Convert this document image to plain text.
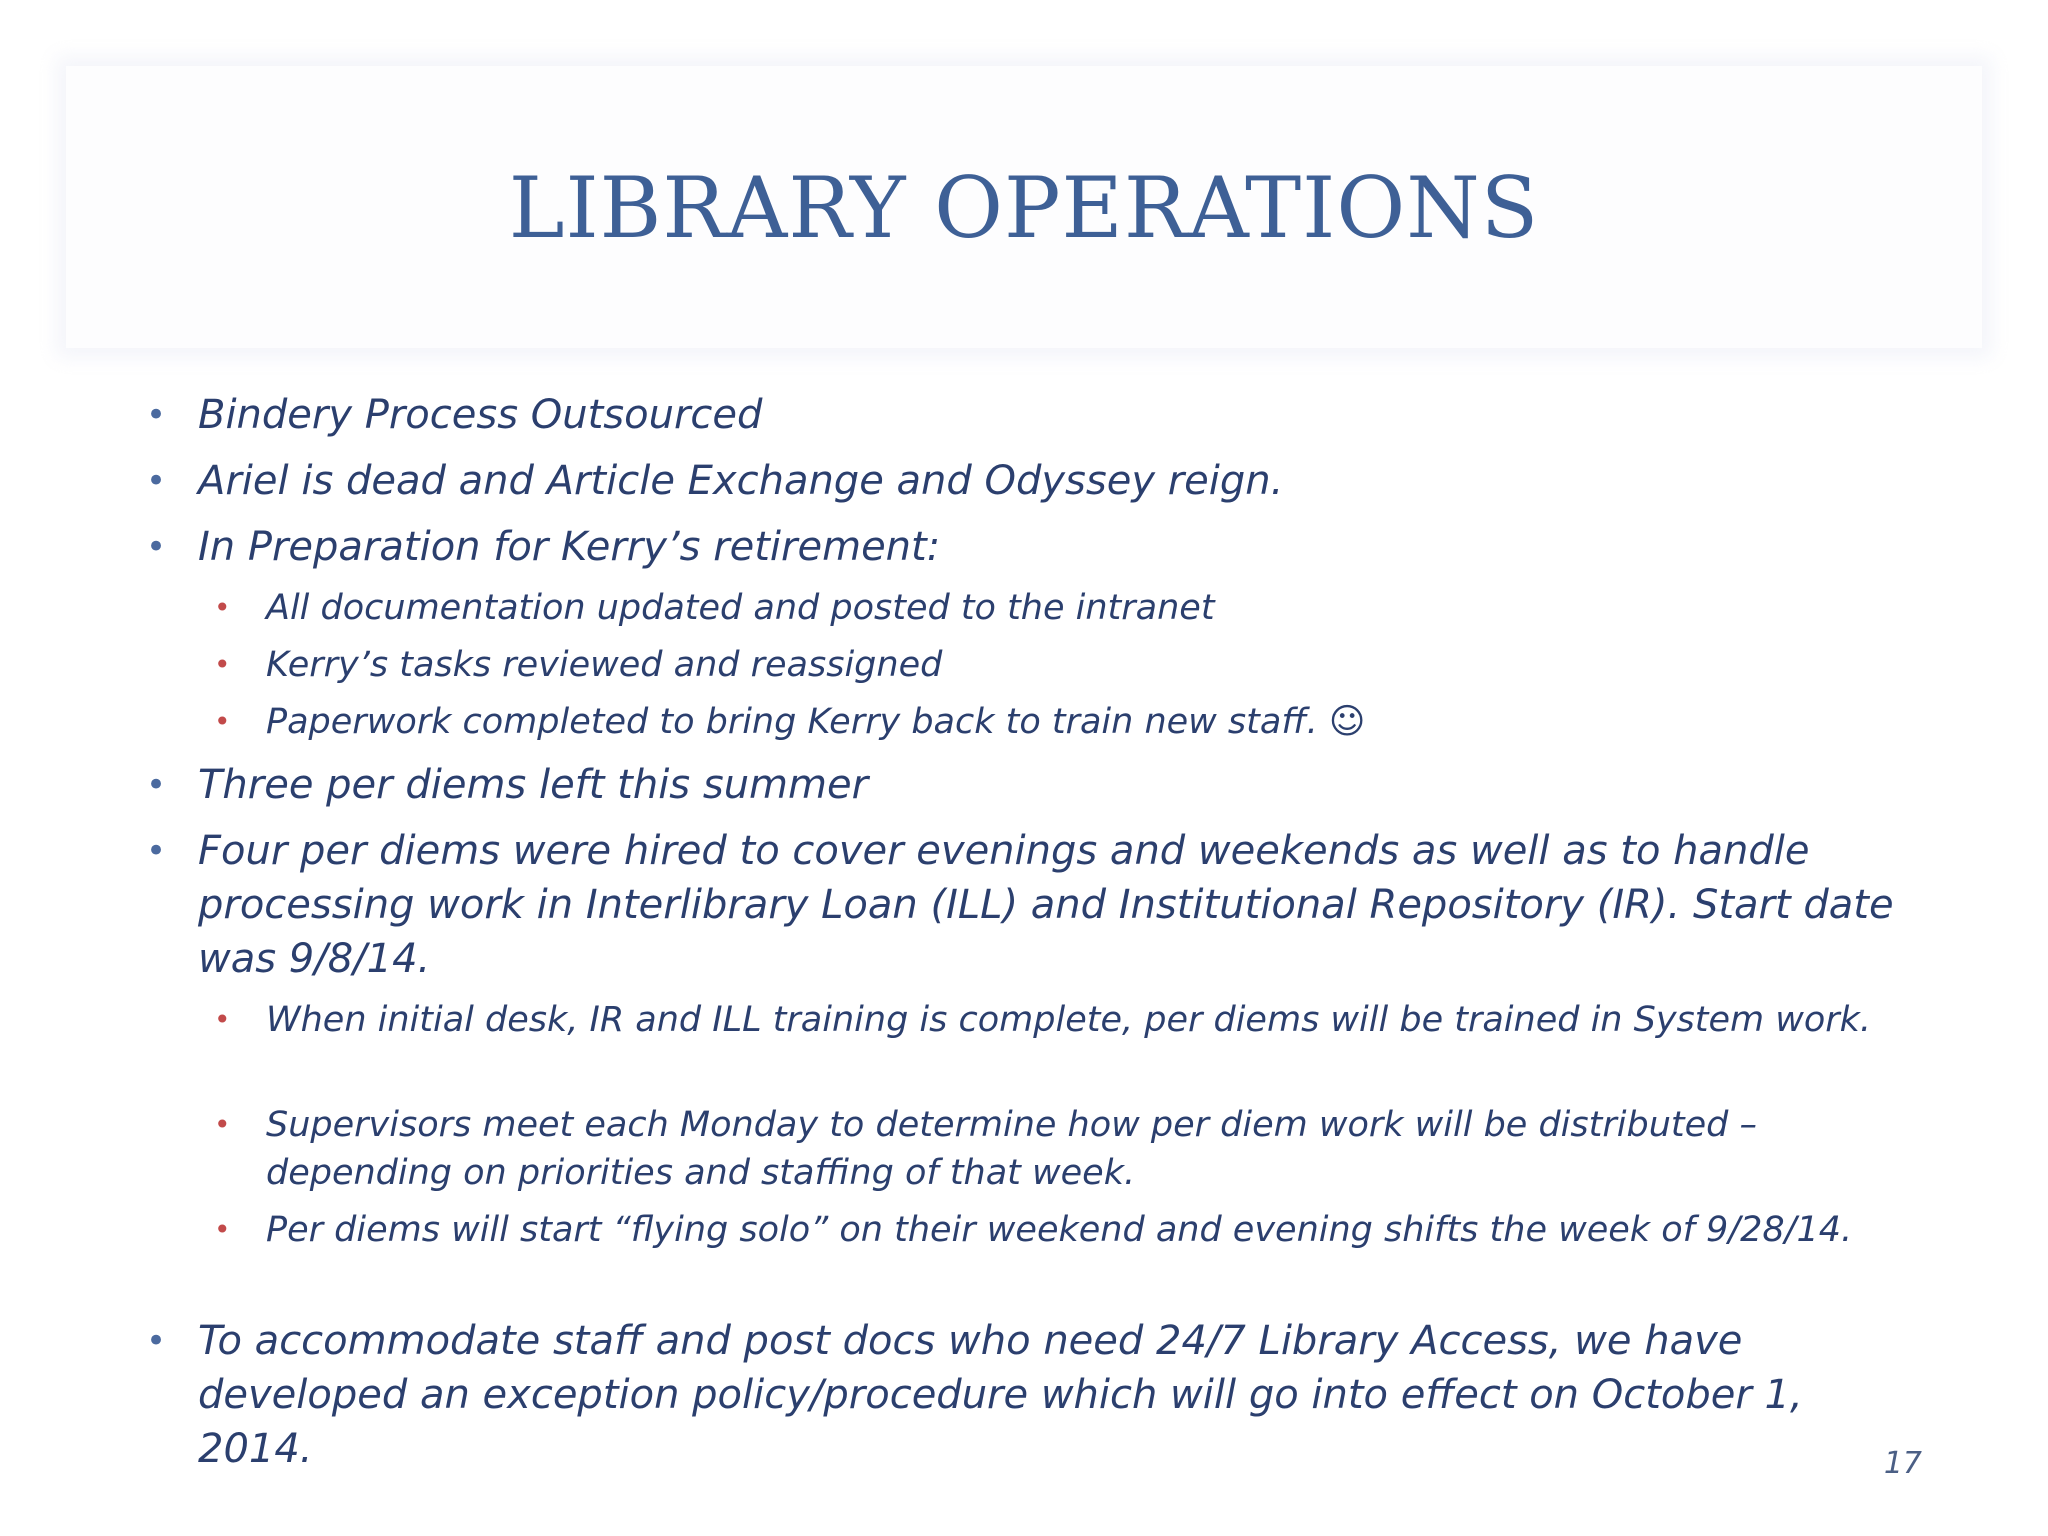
LIBRARY OPERATIONS
• Bindery Process Outsourced

• Ariel is dead and Article Exchange and Odyssey reign.

• In Preparation for Kerry’s retirement:

• All documentation updated and posted to the intranet

• Kerry’s tasks reviewed and reassigned

• Paperwork completed to bring Kerry back to train new staff. ☺

• Three per diems left this summer

• Four per diems were hired to cover evenings and weekends as well as to handle processing work in Interlibrary Loan (ILL) and Institutional Repository (IR). Start date was 9/8/14.

• When initial desk, IR and ILL training is complete, per diems will be trained in System work.

• Supervisors meet each Monday to determine how per diem work will be distributed – depending on priorities and staffing of that week.

• Per diems will start “flying solo” on their weekend and evening shifts the week of 9/28/14.

• To accommodate staff and post docs who need 24/7 Library Access, we have developed an exception policy/procedure which will go into effect on October 1, 2014.	17
